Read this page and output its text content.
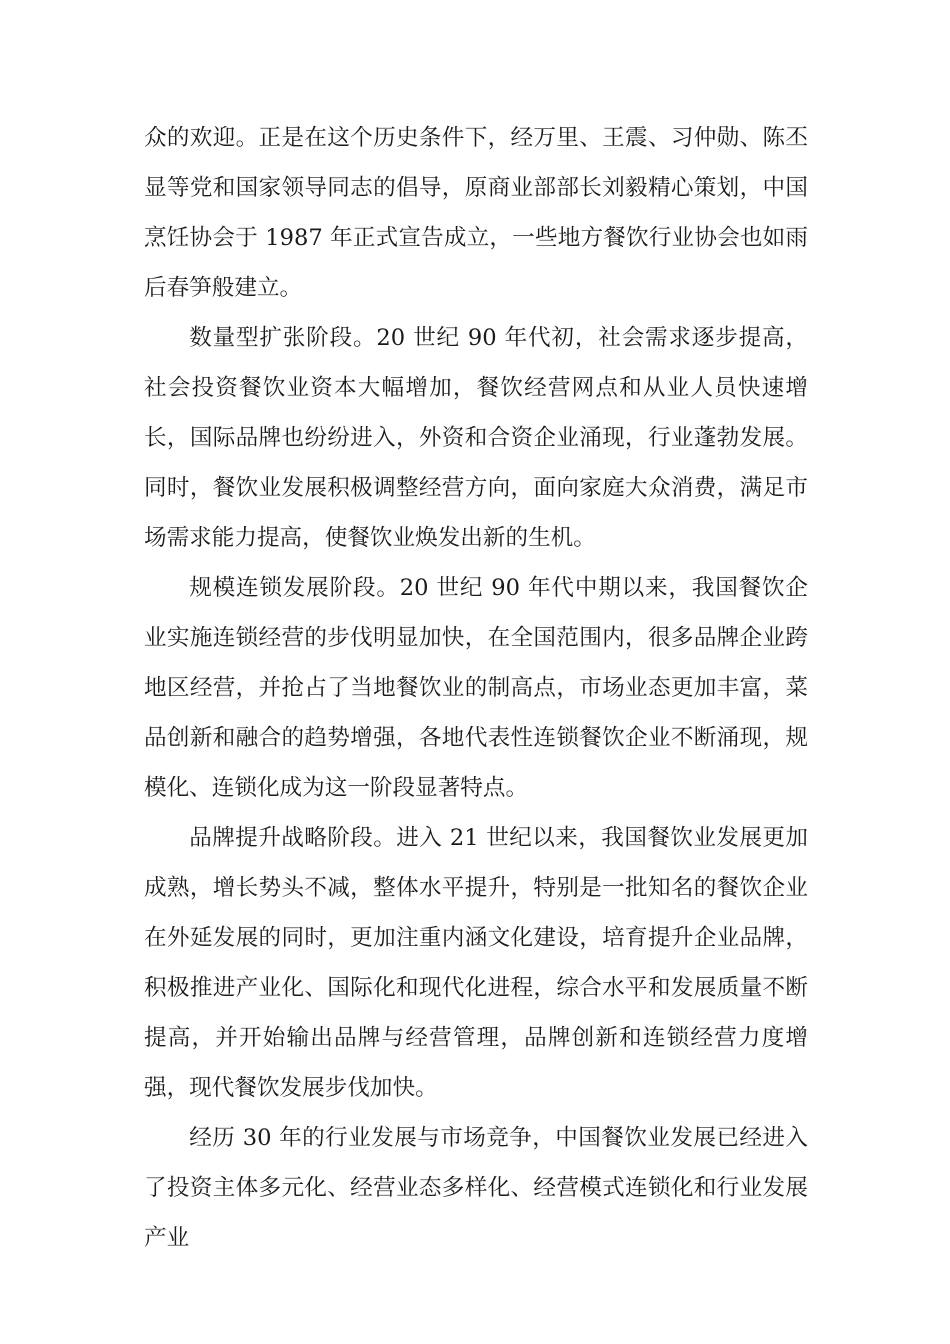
众的欢迎。正是在这个历史条件下，经万里、王震、习仲勋、陈丕显等党和国家领导同志的倡导，原商业部部长刘毅精心策划，中国烹饪协会于 1987 年正式宣告成立，一些地方餐饮行业协会也如雨后春笋般建立。

数量型扩张阶段。20 世纪 90 年代初，社会需求逐步提高，社会投资餐饮业资本大幅增加，餐饮经营网点和从业人员快速增长，国际品牌也纷纷进入，外资和合资企业涌现，行业蓬勃发展。同时，餐饮业发展积极调整经营方向，面向家庭大众消费，满足市场需求能力提高，使餐饮业焕发出新的生机。

规模连锁发展阶段。20 世纪 90 年代中期以来，我国餐饮企业实施连锁经营的步伐明显加快，在全国范围内，很多品牌企业跨地区经营，并抢占了当地餐饮业的制高点，市场业态更加丰富，菜品创新和融合的趋势增强，各地代表性连锁餐饮企业不断涌现，规模化、连锁化成为这一阶段显著特点。

品牌提升战略阶段。进入 21 世纪以来，我国餐饮业发展更加成熟，增长势头不减，整体水平提升，特别是一批知名的餐饮企业在外延发展的同时，更加注重内涵文化建设，培育提升企业品牌，积极推进产业化、国际化和现代化进程，综合水平和发展质量不断提高，并开始输出品牌与经营管理，品牌创新和连锁经营力度增强，现代餐饮发展步伐加快。

经历 30 年的行业发展与市场竞争，中国餐饮业发展已经进入了投资主体多元化、经营业态多样化、经营模式连锁化和行业发展产业
